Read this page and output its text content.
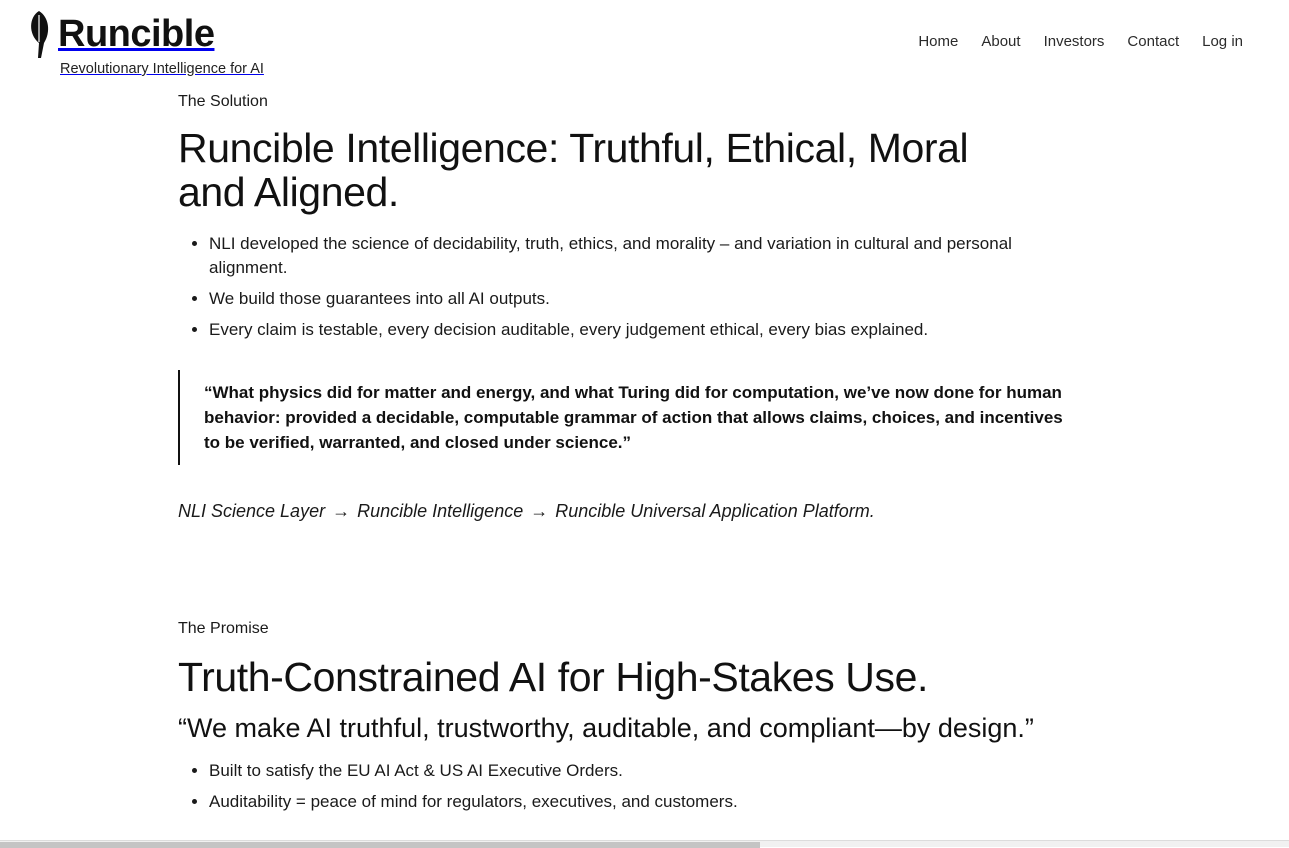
Runcible
Revolutionary Intelligence for AI
Home About Investors Contact Log in

The Solution

Runcible Intelligence: Truthful, Ethical, Moral and Aligned.
NLI developed the science of decidability, truth, ethics, and morality – and variation in cultural and personal alignment.
We build those guarantees into all AI outputs.
Every claim is testable, every decision auditable, every judgement ethical, every bias explained.

“What physics did for matter and energy, and what Turing did for computation, we’ve now done for human behavior: provided a decidable, computable grammar of action that allows claims, choices, and incentives to be verified, warranted, and closed under science.”

NLI Science Layer → Runcible Intelligence → Runcible Universal Application Platform.

The Promise

Truth-Constrained AI for High-Stakes Use.

“We make AI truthful, trustworthy, auditable, and compliant—by design.”

Built to satisfy the EU AI Act & US AI Executive Orders.
Auditability = peace of mind for regulators, executives, and customers.
